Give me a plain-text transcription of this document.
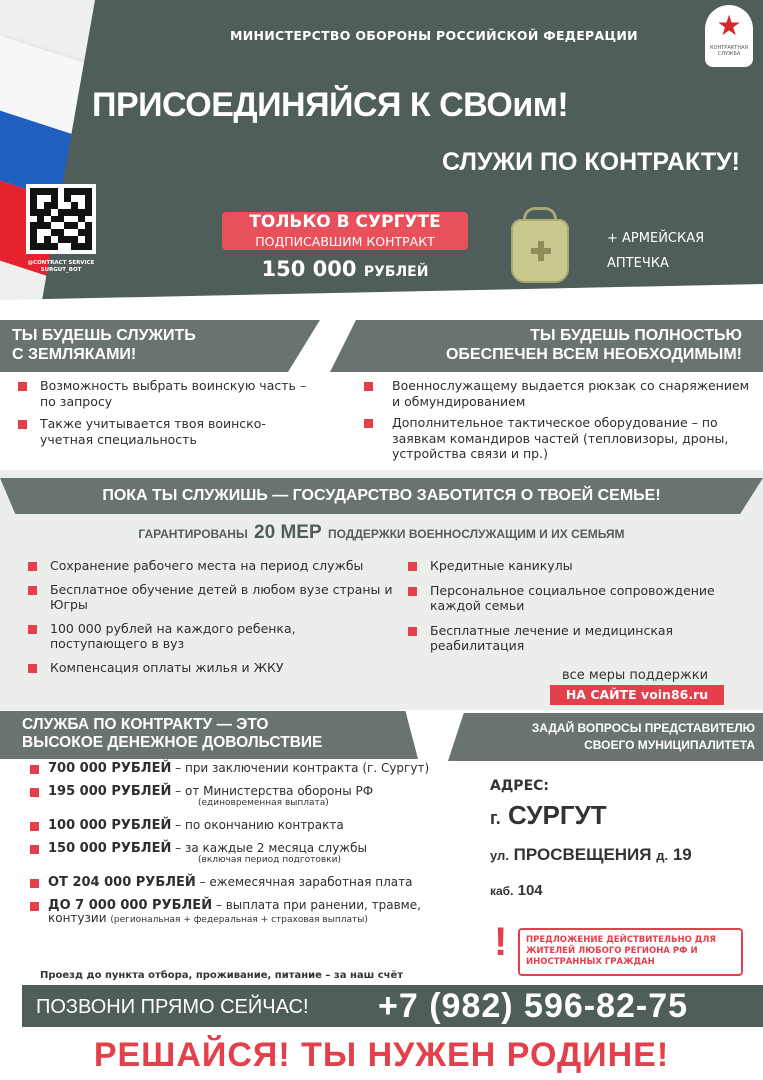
МИНИСТЕРСТВО ОБОРОНЫ РОССИЙСКОЙ ФЕДЕРАЦИИ	★
КОНТРАКТНАЯ СЛУЖБА
ПРИСОЕДИНЯЙСЯ К СВОим!
СЛУЖИ ПО КОНТРАКТУ!
@CONTRACT SERVICE SURGUT_BOT
ТОЛЬКО В СУРГУТЕ
ПОДПИСАВШИМ КОНТРАКТ
150 000 РУБЛЕЙ
+ АРМЕЙСКАЯ
АПТЕЧКА
ТЫ БУДЕШЬ СЛУЖИТЬ
С ЗЕМЛЯКАМИ!
ТЫ БУДЕШЬ ПОЛНОСТЬЮ
ОБЕСПЕЧЕН ВСЕМ НЕОБХОДИМЫМ!
Возможность выбрать воинскую часть – по запросу
Также учитывается твоя воинско-учетная специальность
Военнослужащему выдается рюкзак со снаряжением и обмундированием
Дополнительное тактическое оборудование – по заявкам командиров частей (тепловизоры, дроны, устройства связи и пр.)
ПОКА ТЫ СЛУЖИШЬ — ГОСУДАРСТВО ЗАБОТИТСЯ О ТВОЕЙ СЕМЬЕ!
ГАРАНТИРОВАНЫ 20 МЕР ПОДДЕРЖКИ ВОЕННОСЛУЖАЩИМ И ИХ СЕМЬЯМ
Сохранение рабочего места на период службы
Бесплатное обучение детей в любом вузе страны и Югры
100 000 рублей на каждого ребенка, поступающего в вуз
Компенсация оплаты жилья и ЖКУ
Кредитные каникулы
Персональное социальное сопровождение каждой семьи
Бесплатные лечение и медицинская реабилитация
все меры поддержки
НА САЙТЕ voin86.ru
СЛУЖБА ПО КОНТРАКТУ — ЭТО
ВЫСОКОЕ ДЕНЕЖНОЕ ДОВОЛЬСТВИЕ
ЗАДАЙ ВОПРОСЫ ПРЕДСТАВИТЕЛЮ
СВОЕГО МУНИЦИПАЛИТЕТА
700 000 РУБЛЕЙ – при заключении контракта (г. Сургут)
195 000 РУБЛЕЙ – от Министерства обороны РФ
(единовременная выплата)
100 000 РУБЛЕЙ – по окончанию контракта
150 000 РУБЛЕЙ – за каждые 2 месяца службы
(включая период подготовки)
ОТ 204 000 РУБЛЕЙ – ежемесячная заработная плата
ДО 7 000 000 РУБЛЕЙ – выплата при ранении, травме, контузии (региональная + федеральная + страховая выплаты)
АДРЕС:
г. СУРГУТ
ул. ПРОСВЕЩЕНИЯ д. 19
каб. 104
!	ПРЕДЛОЖЕНИЕ ДЕЙСТВИТЕЛЬНО ДЛЯ ЖИТЕЛЕЙ ЛЮБОГО РЕГИОНА РФ И ИНОСТРАННЫХ ГРАЖДАН
Проезд до пункта отбора, проживание, питание – за наш счёт
ПОЗВОНИ ПРЯМО СЕЙЧАС! +7 (982) 596-82-75
РЕШАЙСЯ! ТЫ НУЖЕН РОДИНЕ!
